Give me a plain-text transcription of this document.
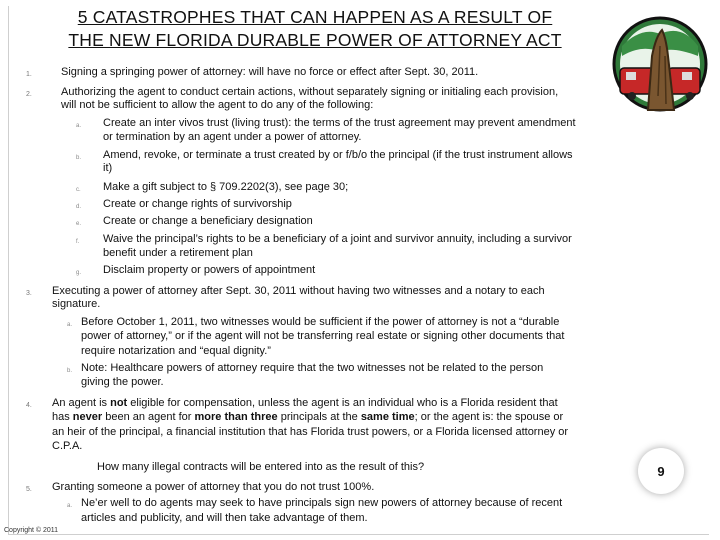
5 CATASTROPHES THAT CAN HAPPEN AS A RESULT OF
THE NEW FLORIDA DURABLE POWER OF ATTORNEY ACT
1.	Signing a springing power of attorney: will have no force or effect after Sept. 30, 2011.
2.	Authorizing the agent to conduct certain actions, without separately signing or initialing each provision,
will not be sufficient to allow the agent to do any of the following:
a. Create an inter vivos trust (living trust): the terms of the trust agreement may prevent amendment
or termination by an agent under a power of attorney.
b. Amend, revoke, or terminate a trust created by or f/b/o the principal (if the trust instrument allows
it)
c. Make a gift subject to § 709.2202(3), see page 30;
d. Create or change rights of survivorship
e. Create or change a beneficiary designation
f. Waive the principal’s rights to be a beneficiary of a joint and survivor annuity, including a survivor
benefit under a retirement plan
g. Disclaim property or powers of appointment
3. Executing a power of attorney after Sept. 30, 2011 without having two witnesses and a notary to each
signature.
a. Before October 1, 2011, two witnesses would be sufficient if the power of attorney is not a “durable
power of attorney,” or if the agent will not be transferring real estate or signing other documents that
require notarization and “equal dignity.”
b. Note: Healthcare powers of attorney require that the two witnesses not be related to the person
giving the power.
4. An agent is not eligible for compensation, unless the agent is an individual who is a Florida resident that
has never been an agent for more than three principals at the same time; or the agent is: the spouse or
an heir of the principal, a financial institution that has Florida trust powers, or a Florida licensed attorney or
C.P.A.
How many illegal contracts will be entered into as the result of this?
5. Granting someone a power of attorney that you do not trust 100%.
a. Ne’er well to do agents may seek to have principals sign new powers of attorney because of recent
articles and publicity, and will then take advantage of them.
9
Copyright © 2011
